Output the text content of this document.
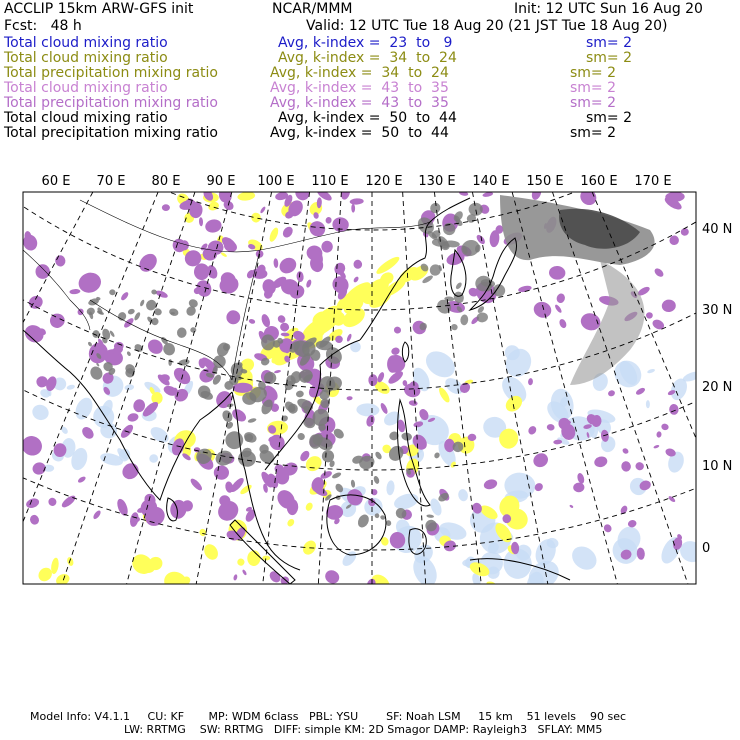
ACCLIP 15km ARW-GFS init	NCAR/MMM	Init: 12 UTC Sun 16 Aug 20
Fcst:   48 h	Valid: 12 UTC Tue 18 Aug 20 (21 JST Tue 18 Aug 20)
Total cloud mixing ratio	Avg, k-index =  23  to   9	sm= 2
Total cloud mixing ratio	Avg, k-index =  34  to  24	sm= 2
Total precipitation mixing ratio	Avg, k-index =  34  to  24	sm= 2
Total cloud mixing ratio	Avg, k-index =  43  to  35	sm= 2
Total precipitation mixing ratio	Avg, k-index =  43  to  35	sm= 2
Total cloud mixing ratio	Avg, k-index =  50  to  44	sm= 2
Total precipitation mixing ratio	Avg, k-index =  50  to  44	sm= 2
60 E 70 E 80 E 90 E 100 E 110 E 120 E 130 E 140 E 150 E 160 E 170 E
40 N
30 N
20 N
10 N
0
Model Info: V4.1.1     CU: KF       MP: WDM 6class   PBL: YSU        SF: Noah LSM     15 km    51 levels    90 sec
LW: RRTMG    SW: RRTMG   DIFF: simple KM: 2D Smagor DAMP: Rayleigh3   SFLAY: MM5
